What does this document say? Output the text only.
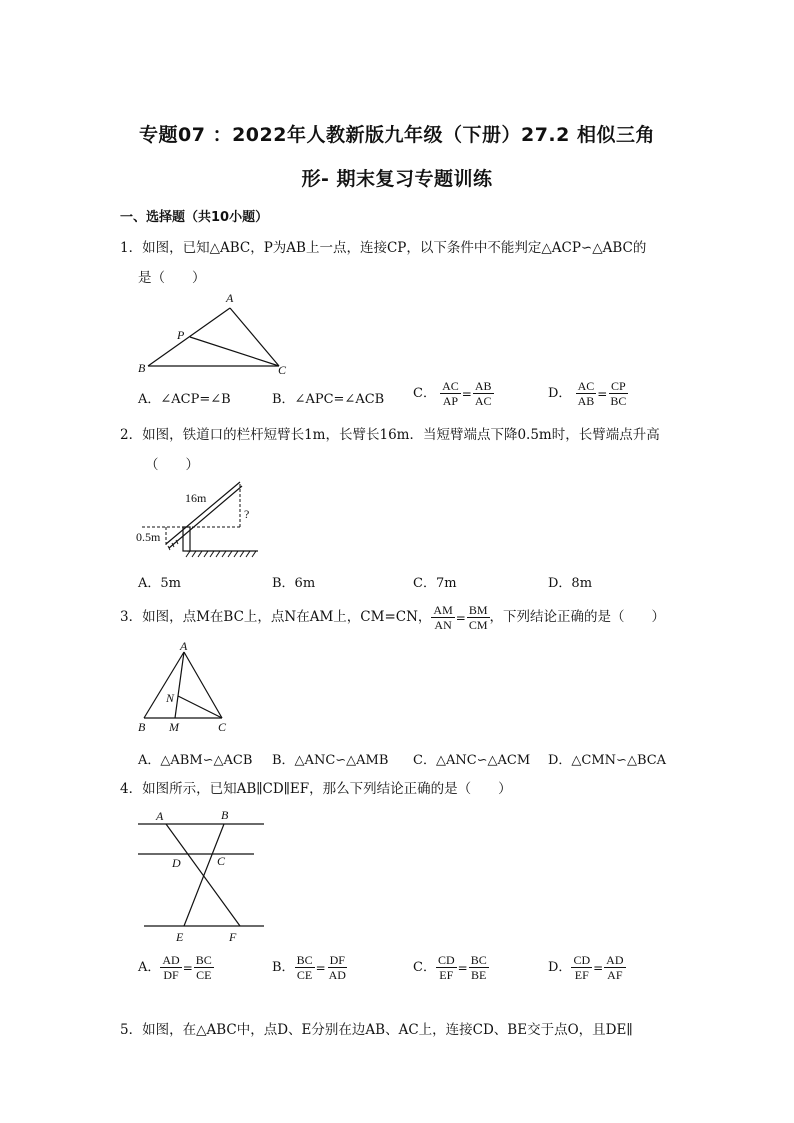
专题07 ：2022年人教新版九年级（下册）27.2 相似三角
形- 期末复习专题训练
一、选择题（共10小题）
1．如图，已知△ABC，P为AB上一点，连接CP，以下条件中不能判定△ACP∽△ABC的
是（　　）
A
P
B	C
A．∠ACP=∠B	B．∠APC=∠ACB C． $\frac{AC}{AP} = \frac{AB}{AC}$	D． $\frac{AC}{AB} = \frac{CP}{BC}$
2．如图，铁道口的栏杆短臂长1m，长臂长16m．当短臂端点下降0.5m时，长臂端点升高
（　　）
16m
?
0.5m
A．5m	B．6m	C．7m	D．8m
3．如图，点M在BC上，点N在AM上，CM=CN， $\frac{AM}{AN} = \frac{BM}{CM}$ ，下列结论正确的是（　　）
A
N
B M	C
A．△ABM∽△ACB B．△ANC∽△AMB C．△ANC∽△ACM D．△CMN∽△BCA
4．如图所示，已知AB∥CD∥EF，那么下列结论正确的是（　　）
A	B
D	C
E	F
A． $\frac{AD}{DF} = \frac{BC}{CE}$	B． $\frac{BC}{CE} = \frac{DF}{AD}$	C． $\frac{CD}{EF} = \frac{BC}{BE}$	D． $\frac{CD}{EF} = \frac{AD}{AF}$
5．如图，在△ABC中，点D、E分别在边AB、AC上，连接CD、BE交于点O，且DE∥
